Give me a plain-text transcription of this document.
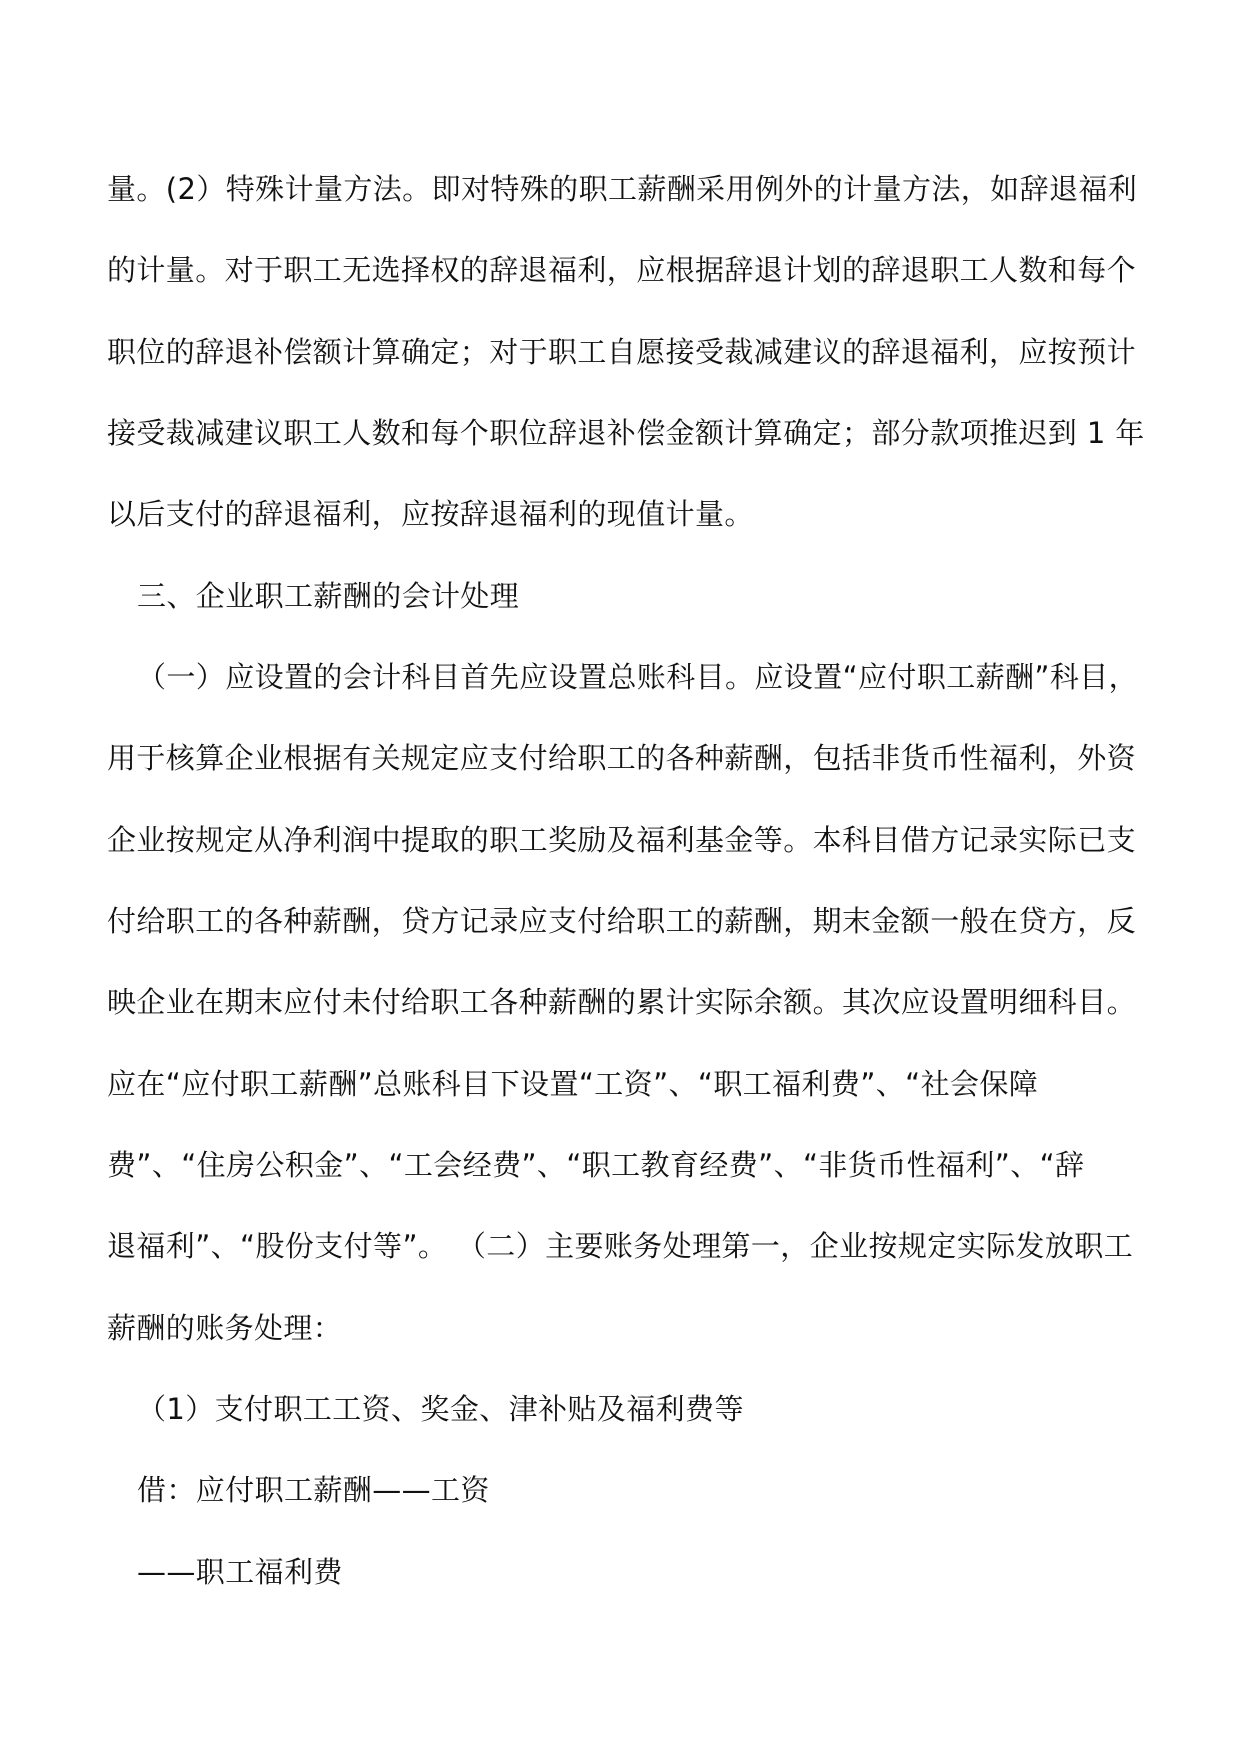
量。(2）特殊计量方法。即对特殊的职工薪酬采用例外的计量方法，如辞退福利
的计量。对于职工无选择权的辞退福利，应根据辞退计划的辞退职工人数和每个
职位的辞退补偿额计算确定；对于职工自愿接受裁减建议的辞退福利，应按预计
接受裁减建议职工人数和每个职位辞退补偿金额计算确定；部分款项推迟到 1 年
以后支付的辞退福利，应按辞退福利的现值计量。
三、企业职工薪酬的会计处理
（一）应设置的会计科目首先应设置总账科目。应设置“应付职工薪酬”科目，
用于核算企业根据有关规定应支付给职工的各种薪酬，包括非货币性福利，外资
企业按规定从净利润中提取的职工奖励及福利基金等。本科目借方记录实际已支
付给职工的各种薪酬，贷方记录应支付给职工的薪酬，期末金额一般在贷方，反
映企业在期末应付未付给职工各种薪酬的累计实际余额。其次应设置明细科目。
应在“应付职工薪酬”总账科目下设置“工资”、“职工福利费”、“社会保障
费”、“住房公积金”、“工会经费”、“职工教育经费”、“非货币性福利”、“辞
退福利”、“股份支付等”。 （二）主要账务处理第一，企业按规定实际发放职工
薪酬的账务处理：
（1）支付职工工资、奖金、津补贴及福利费等
借：应付职工薪酬——工资
——职工福利费
